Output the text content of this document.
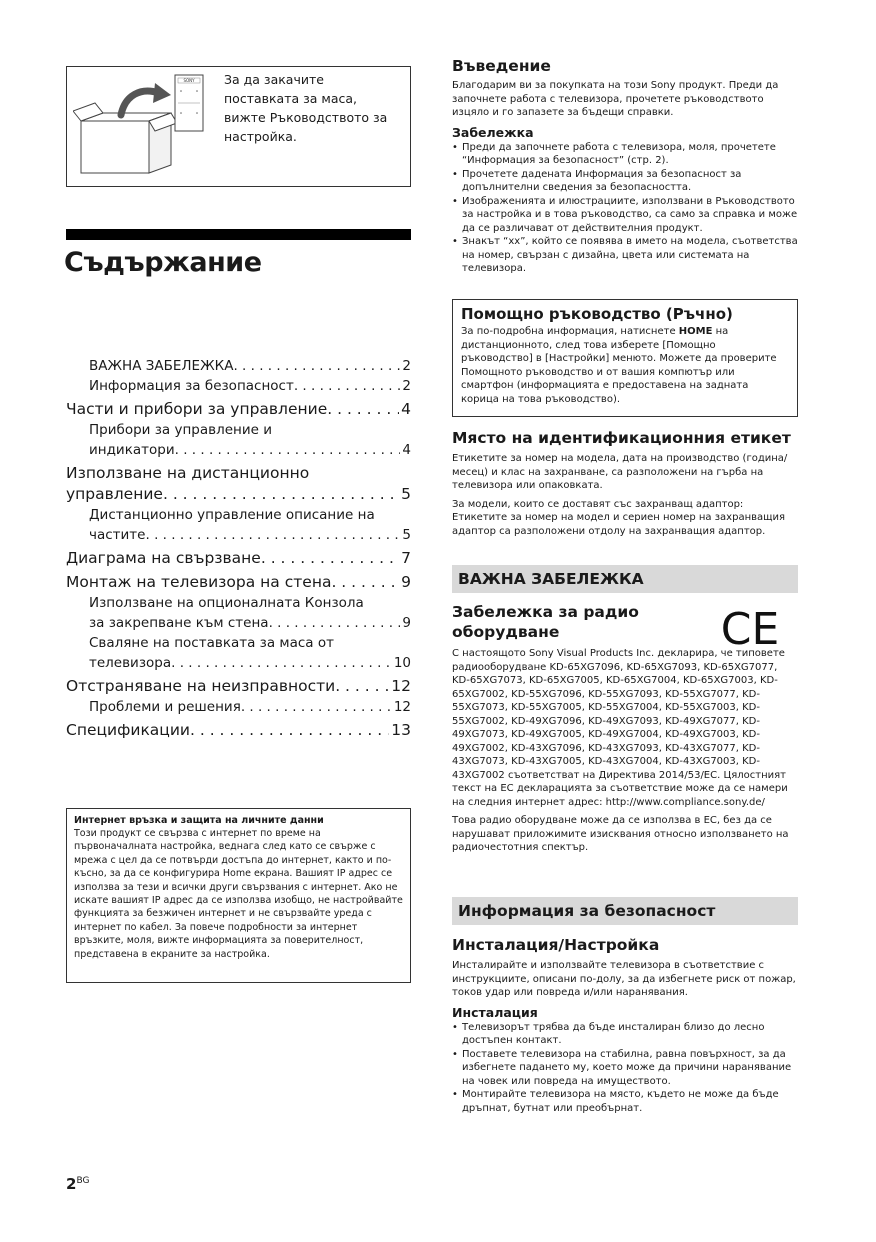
SONY За да закачите
поставката за маса,
вижте Ръководството за
настройка.
Съдържание
ВАЖНА ЗАБЕЛЕЖКА . . .	2
Информация за безопасност . . .	2
Части и прибори за управление . . .	4
Прибори за управление и
индикатори . . .	4
Използване на дистанционно
управление . . .	5
Дистанционно управление описание на
частите . . .	5
Диаграма на свързване . . .	7
Монтаж на телевизора на стена . . .	9
Използване на опционалната Конзола
за закрепване към стена . . .	9
Сваляне на поставката за маса от
телевизора . . .	10
Отстраняване на неизправности . . .	12
Проблеми и решения . . .	12
Спецификации . . .	13
Интернет връзка и защита на личните данни
Този продукт се свързва с интернет по време на първоначалната настройка, веднага след като се свърже с мрежа с цел да се потвърди достъпа до интернет, както и по-късно, за да се конфигурира Home екрана. Вашият IP адрес се използва за тези и всички други свързвания с интернет. Ако не искате вашият IP адрес да се използва изобщо, не настройвайте функцията за безжичен интернет и не свързвайте уреда с интернет по кабел. За повече подробности за интернет връзките, моля, вижте информацията за поверителност, представена в екраните за настройка.
Въведение
Благодарим ви за покупката на този Sony продукт. Преди да започнете работа с телевизора, прочетете ръководството изцяло и го запазете за бъдещи справки.
Забележка
• Преди да започнете работа с телевизора, моля, прочетете “Информация за безопасност” (стр. 2).
• Прочетете дадената Информация за безопасност за допълнителни сведения за безопасността.
• Изображенията и илюстрациите, използвани в Ръководството за настройка и в това ръководство, са само за справка и може да се различават от действителния продукт.
• Знакът “xx”, който се появява в името на модела, съответства на номер, свързан с дизайна, цвета или системата на телевизора.
Помощно ръководство (Ръчно)
За по-подробна информация, натиснете HOME на дистанционното, след това изберете [Помощно ръководство] в [Настройки] менюто. Можете да проверите Помощното ръководство и от вашия компютър или смартфон (информацията е предоставена на задната корица на това ръководство).
Място на идентификационния етикет
Етикетите за номер на модела, дата на производство (година/месец) и клас на захранване, са разположени на гърба на телевизора или опаковката.
За модели, които се доставят със захранващ адаптор: Етикетите за номер на модел и сериен номер на захранващия адаптор са разположени отдолу на захранващия адаптор.
ВАЖНА ЗАБЕЛЕЖКА
Забележка за радио
оборудване
С настоящото Sony Visual Products Inc. декларира, че типовете радиооборудване KD-65XG7096, KD-65XG7093, KD-65XG7077, KD-65XG7073, KD-65XG7005, KD-65XG7004, KD-65XG7003, KD-65XG7002, KD-55XG7096, KD-55XG7093, KD-55XG7077, KD-55XG7073, KD-55XG7005, KD-55XG7004, KD-55XG7003, KD-55XG7002, KD-49XG7096, KD-49XG7093, KD-49XG7077, KD-49XG7073, KD-49XG7005, KD-49XG7004, KD-49XG7003, KD-49XG7002, KD-43XG7096, KD-43XG7093, KD-43XG7077, KD-43XG7073, KD-43XG7005, KD-43XG7004, KD-43XG7003, KD-43XG7002 съответстват на Директива 2014/53/ЕС. Цялостният текст на ЕС декларацията за съответствие може да се намери на следния интернет адрес: http://www.compliance.sony.de/
Това радио оборудване може да се използва в ЕС, без да се нарушават приложимите изисквания относно използването на радиочестотния спектър.
CE
Информация за безопасност
Инсталация/Настройка
Инсталирайте и използвайте телевизора в съответствие с инструкциите, описани по-долу, за да избегнете риск от пожар, токов удар или повреда и/или наранявания.
Инсталация
• Телевизорът трябва да бъде инсталиран близо до лесно достъпен контакт.
• Поставете телевизора на стабилна, равна повърхност, за да избегнете падането му, което може да причини наранявание на човек или повреда на имуществото.
• Монтирайте телевизора на място, където не може да бъде дръпнат, бутнат или преобърнат.
$2^{BG}$
